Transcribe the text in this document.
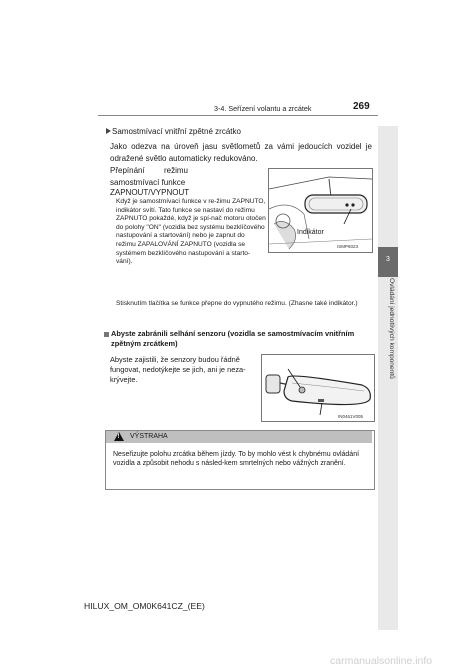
3-4. Seřízení volantu a zrcátek	269
3
Ovládání jednotlivých komponentů
Samostmívací vnitřní zpětné zrcátko
Jako odezva na úroveň jasu světlometů za vámi jedoucích vozidel je odražené světlo automaticky redukováno.
Přepínání režimu samostmívací funkce
ZAPNOUT/VYPNOUT
Když je samostmívací funkce v re-žimu ZAPNUTO, indikátor svítí. Tato funkce se nastaví do režimu ZAPNUTO pokaždé, když je spí-nač motoru otočen do polohy "ON" (vozidla bez systému bezklíčového nastupování a startování) nebo je zapnut do režimu ZAPALOVÁNÍ ZAPNUTO (vozidla se systémem bezklíčového nastupování a starto-vání).
Stisknutím tlačítka se funkce přepne do vypnutého režimu. (Zhasne také indikátor.)
Indikátor
ISMP6023
Abyste zabránili selhání senzoru (vozidla se samostmívacím vnitřním zpětným zrcátkem)
Abyste zajistili, že senzory budou řádně fungovat, nedotýkejte se jich, ani je neza-krývejte.
IN0461V005
! VÝSTRAHA
Neseřizujte polohu zrcátka během jízdy. To by mohlo vést k chybnému ovládání vozidla a způsobit nehodu s násled-kem smrtelných nebo vážných zranění.
HILUX_OM_OM0K641CZ_(EE)
carmanualsonline.info
